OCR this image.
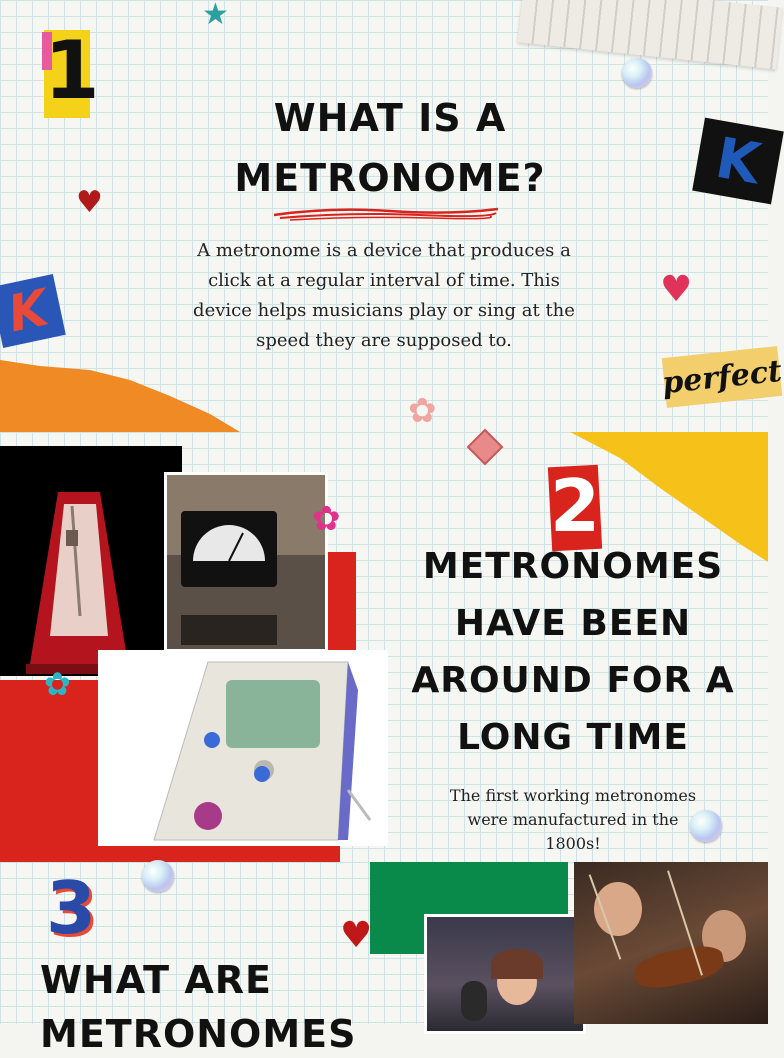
1
★
♥
WHAT IS A
METRONOME?

A metronome is a device that produces a

click at a regular interval of time. This

device helps musicians play or sing at the

speed they are supposed to.

K
K
♥
perfect
✿
✿
✿	2
METRONOMES
HAVE BEEN
AROUND FOR A
LONG TIME

The first working metronomes

were manufactured in the

1800s!

3
WHAT ARE
METRONOMES
♥
